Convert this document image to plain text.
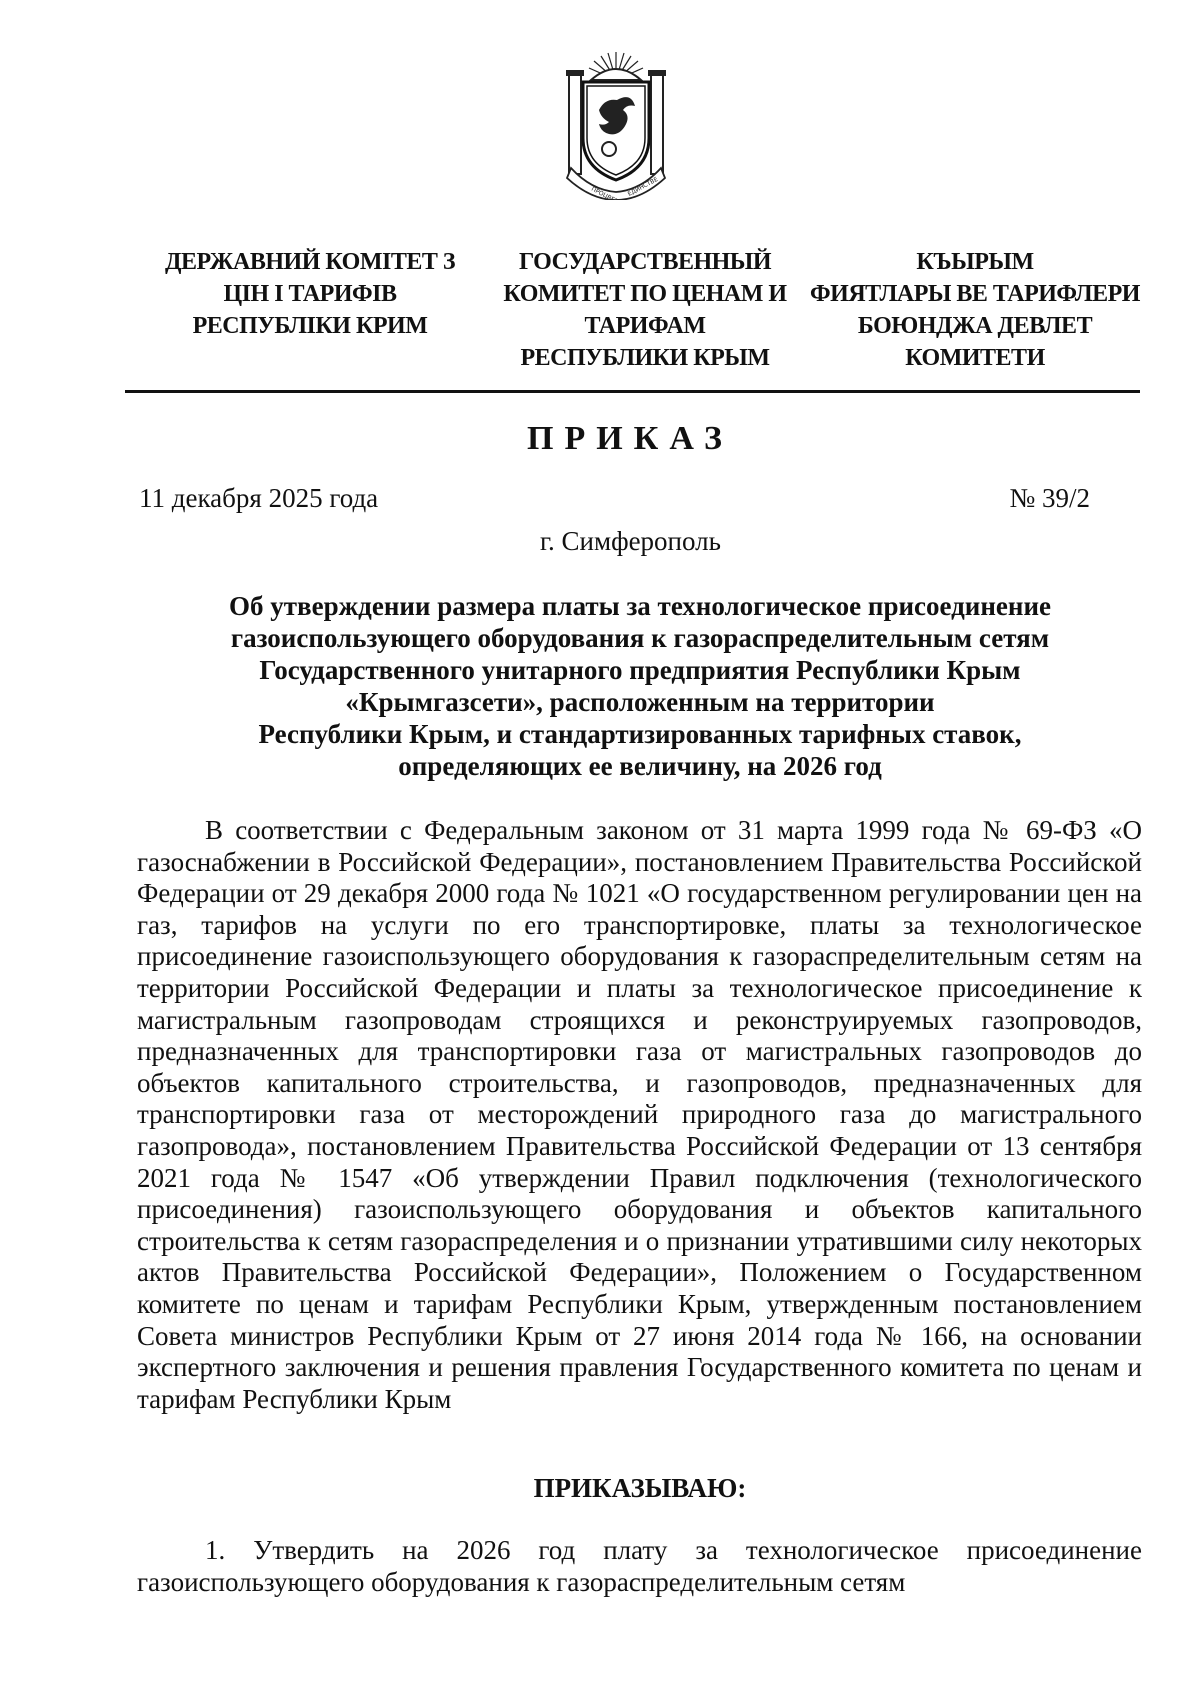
ЕДИНСТВЕ
ДЕРЖАВНИЙ КОМІТЕТ З
ЦІН І ТАРИФІВ
РЕСПУБЛІКИ КРИМ
ГОСУДАРСТВЕННЫЙ
КОМИТЕТ ПО ЦЕНАМ И
ТАРИФАМ
РЕСПУБЛИКИ КРЫМ
КЪЫРЫМ
ФИЯТЛАРЫ ВЕ ТАРИФЛЕРИ
БОЮНДЖА ДЕВЛЕТ
КОМИТЕТИ
ПРИКАЗ
11 декабря 2025 года	№ 39/2
г. Симферополь
Об утверждении размера платы за технологическое присоединение
газоиспользующего оборудования к газораспределительным сетям
Государственного унитарного предприятия Республики Крым
«Крымгазсети», расположенным на территории
Республики Крым, и стандартизированных тарифных ставок,
определяющих ее величину, на 2026 год

В соответствии с Федеральным законом от 31 марта 1999 года № 69-ФЗ «О газоснабжении в Российской Федерации», постановлением Правительства Российской Федерации от 29 декабря 2000 года № 1021 «О государственном регулировании цен на газ, тарифов на услуги по его транспортировке, платы за технологическое присоединение газоиспользующего оборудования к газораспределительным сетям на территории Российской Федерации и платы за технологическое присоединение к магистральным газопроводам строящихся и реконструируемых газопроводов, предназначенных для транспортировки газа от магистральных газопроводов до объектов капитального строительства, и газопроводов, предназначенных для транспортировки газа от месторождений природного газа до магистрального газопровода», постановлением Правительства Российской Федерации от 13 сентября 2021 года № 1547 «Об утверждении Правил подключения (технологического присоединения) газоиспользующего оборудования и объектов капитального строительства к сетям газораспределения и о признании утратившими силу некоторых актов Правительства Российской Федерации», Положением о Государственном комитете по ценам и тарифам Республики Крым, утвержденным постановлением Совета министров Республики Крым от 27 июня 2014 года № 166, на основании экспертного заключения и решения правления Государственного комитета по ценам и тарифам Республики Крым

ПРИКАЗЫВАЮ:

1. Утвердить на 2026 год плату за технологическое присоединение газоиспользующего оборудования к газораспределительным сетям
